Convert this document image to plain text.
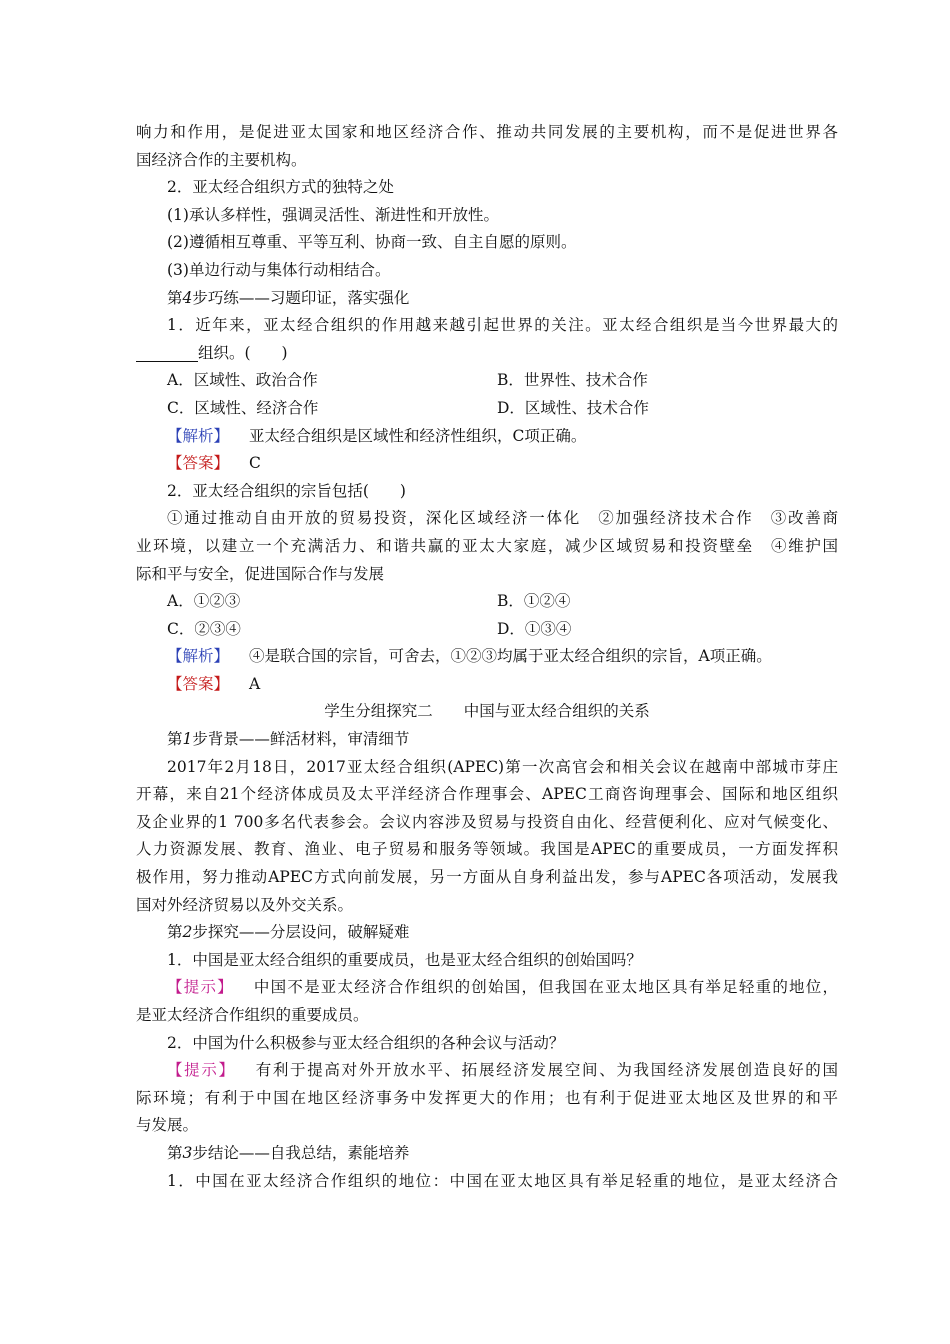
响力和作用，是促进亚太国家和地区经济合作、推动共同发展的主要机构，而不是促进世界各
国经济合作的主要机构。
2．亚太经合组织方式的独特之处
(1)承认多样性，强调灵活性、渐进性和开放性。
(2)遵循相互尊重、平等互利、协商一致、自主自愿的原则。
(3)单边行动与集体行动相结合。
第4步巧练——习题印证，落实强化
1．近年来，亚太经合组织的作用越来越引起世界的关注。亚太经合组织是当今世界最大的
组织。(　　)
A．区域性、政治合作	B．世界性、技术合作
C．区域性、经济合作	D．区域性、技术合作
【解析】 亚太经合组织是区域性和经济性组织，C项正确。
【答案】 C
2．亚太经合组织的宗旨包括(　　)
①通过推动自由开放的贸易投资，深化区域经济一体化　②加强经济技术合作　③改善商
业环境，以建立一个充满活力、和谐共赢的亚太大家庭，减少区域贸易和投资壁垒　④维护国
际和平与安全，促进国际合作与发展
A．①②③	B．①②④
C．②③④	D．①③④
【解析】 ④是联合国的宗旨，可舍去，①②③均属于亚太经合组织的宗旨，A项正确。
【答案】 A
学生分组探究二　　中国与亚太经合组织的关系
第1步背景——鲜活材料，审清细节
2017年2月18日，2017亚太经合组织(APEC)第一次高官会和相关会议在越南中部城市芽庄
开幕，来自21个经济体成员及太平洋经济合作理事会、APEC工商咨询理事会、国际和地区组织
及企业界的1 700多名代表参会。会议内容涉及贸易与投资自由化、经营便利化、应对气候变化、
人力资源发展、教育、渔业、电子贸易和服务等领域。我国是APEC的重要成员，一方面发挥积
极作用，努力推动APEC方式向前发展，另一方面从自身利益出发，参与APEC各项活动，发展我
国对外经济贸易以及外交关系。
第2步探究——分层设问，破解疑难
1．中国是亚太经合组织的重要成员，也是亚太经合组织的创始国吗？
【提示】 中国不是亚太经济合作组织的创始国，但我国在亚太地区具有举足轻重的地位，
是亚太经济合作组织的重要成员。
2．中国为什么积极参与亚太经合组织的各种会议与活动？
【提示】 有利于提高对外开放水平、拓展经济发展空间、为我国经济发展创造良好的国
际环境；有利于中国在地区经济事务中发挥更大的作用；也有利于促进亚太地区及世界的和平
与发展。
第3步结论——自我总结，素能培养
1．中国在亚太经济合作组织的地位：中国在亚太地区具有举足轻重的地位，是亚太经济合
